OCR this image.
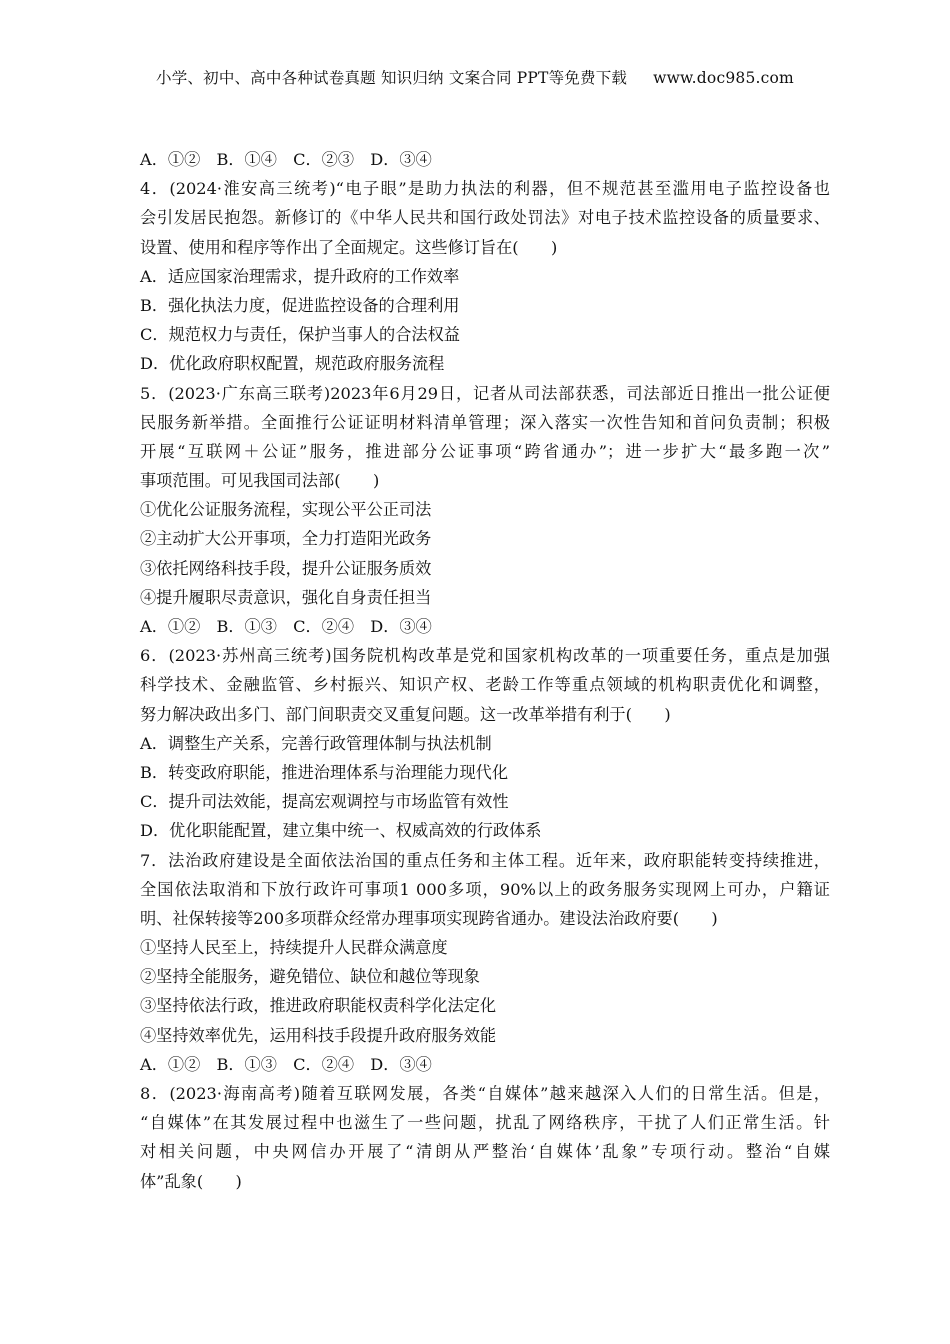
小学、初中、高中各种试卷真题 知识归纳 文案合同 PPT等免费下载 www.doc985.com
A．①②　B．①④　C．②③　D．③④
4．(2024·淮安高三统考)“电子眼”是助力执法的利器，但不规范甚至滥用电子监控设备也
会引发居民抱怨。新修订的《中华人民共和国行政处罚法》对电子技术监控设备的质量要求、
设置、使用和程序等作出了全面规定。这些修订旨在(　　)
A．适应国家治理需求，提升政府的工作效率
B．强化执法力度，促进监控设备的合理利用
C．规范权力与责任，保护当事人的合法权益
D．优化政府职权配置，规范政府服务流程
5．(2023·广东高三联考)2023年6月29日，记者从司法部获悉，司法部近日推出一批公证便
民服务新举措。全面推行公证证明材料清单管理；深入落实一次性告知和首问负责制；积极
开展“互联网＋公证”服务，推进部分公证事项“跨省通办”；进一步扩大“最多跑一次”
事项范围。可见我国司法部(　　)
①优化公证服务流程，实现公平公正司法
②主动扩大公开事项，全力打造阳光政务
③依托网络科技手段，提升公证服务质效
④提升履职尽责意识，强化自身责任担当
A．①②　B．①③　C．②④　D．③④
6．(2023·苏州高三统考)国务院机构改革是党和国家机构改革的一项重要任务，重点是加强
科学技术、金融监管、乡村振兴、知识产权、老龄工作等重点领域的机构职责优化和调整，
努力解决政出多门、部门间职责交叉重复问题。这一改革举措有利于(　　)
A．调整生产关系，完善行政管理体制与执法机制
B．转变政府职能，推进治理体系与治理能力现代化
C．提升司法效能，提高宏观调控与市场监管有效性
D．优化职能配置，建立集中统一、权威高效的行政体系
7．法治政府建设是全面依法治国的重点任务和主体工程。近年来，政府职能转变持续推进，
全国依法取消和下放行政许可事项1 000多项，90%以上的政务服务实现网上可办，户籍证
明、社保转接等200多项群众经常办理事项实现跨省通办。建设法治政府要(　　)
①坚持人民至上，持续提升人民群众满意度
②坚持全能服务，避免错位、缺位和越位等现象
③坚持依法行政，推进政府职能权责科学化法定化
④坚持效率优先，运用科技手段提升政府服务效能
A．①②　B．①③　C．②④　D．③④
8．(2023·海南高考)随着互联网发展，各类“自媒体”越来越深入人们的日常生活。但是，
“自媒体”在其发展过程中也滋生了一些问题，扰乱了网络秩序，干扰了人们正常生活。针
对相关问题，中央网信办开展了“清朗从严整治‘自媒体’乱象”专项行动。整治“自媒
体”乱象(　　)
